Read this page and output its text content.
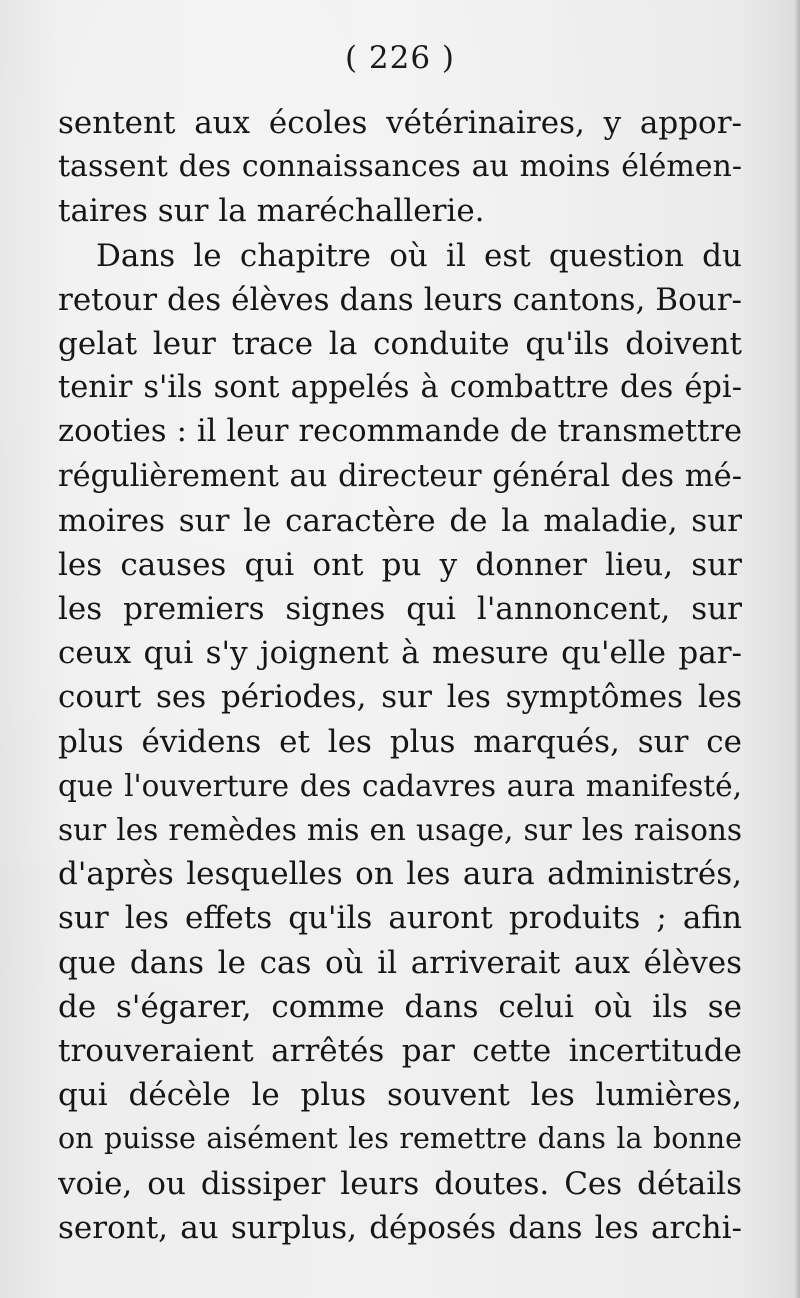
( 226 )
sentent aux écoles vétérinaires, y appor-
tassent des connaissances au moins élémen-
taires sur la maréchallerie.
Dans le chapitre où il est question du
retour des élèves dans leurs cantons, Bour-
gelat leur trace la conduite qu'ils doivent
tenir s'ils sont appelés à combattre des épi-
zooties : il leur recommande de transmettre
régulièrement au directeur général des mé-
moires sur le caractère de la maladie, sur
les causes qui ont pu y donner lieu, sur
les premiers signes qui l'annoncent, sur
ceux qui s'y joignent à mesure qu'elle par-
court ses périodes, sur les symptômes les
plus évidens et les plus marqués, sur ce
que l'ouverture des cadavres aura manifesté,
sur les remèdes mis en usage, sur les raisons
d'après lesquelles on les aura administrés,
sur les effets qu'ils auront produits ; afin
que dans le cas où il arriverait aux élèves
de s'égarer, comme dans celui où ils se
trouveraient arrêtés par cette incertitude
qui décèle le plus souvent les lumières,
on puisse aisément les remettre dans la bonne
voie, ou dissiper leurs doutes. Ces détails
seront, au surplus, déposés dans les archi-
